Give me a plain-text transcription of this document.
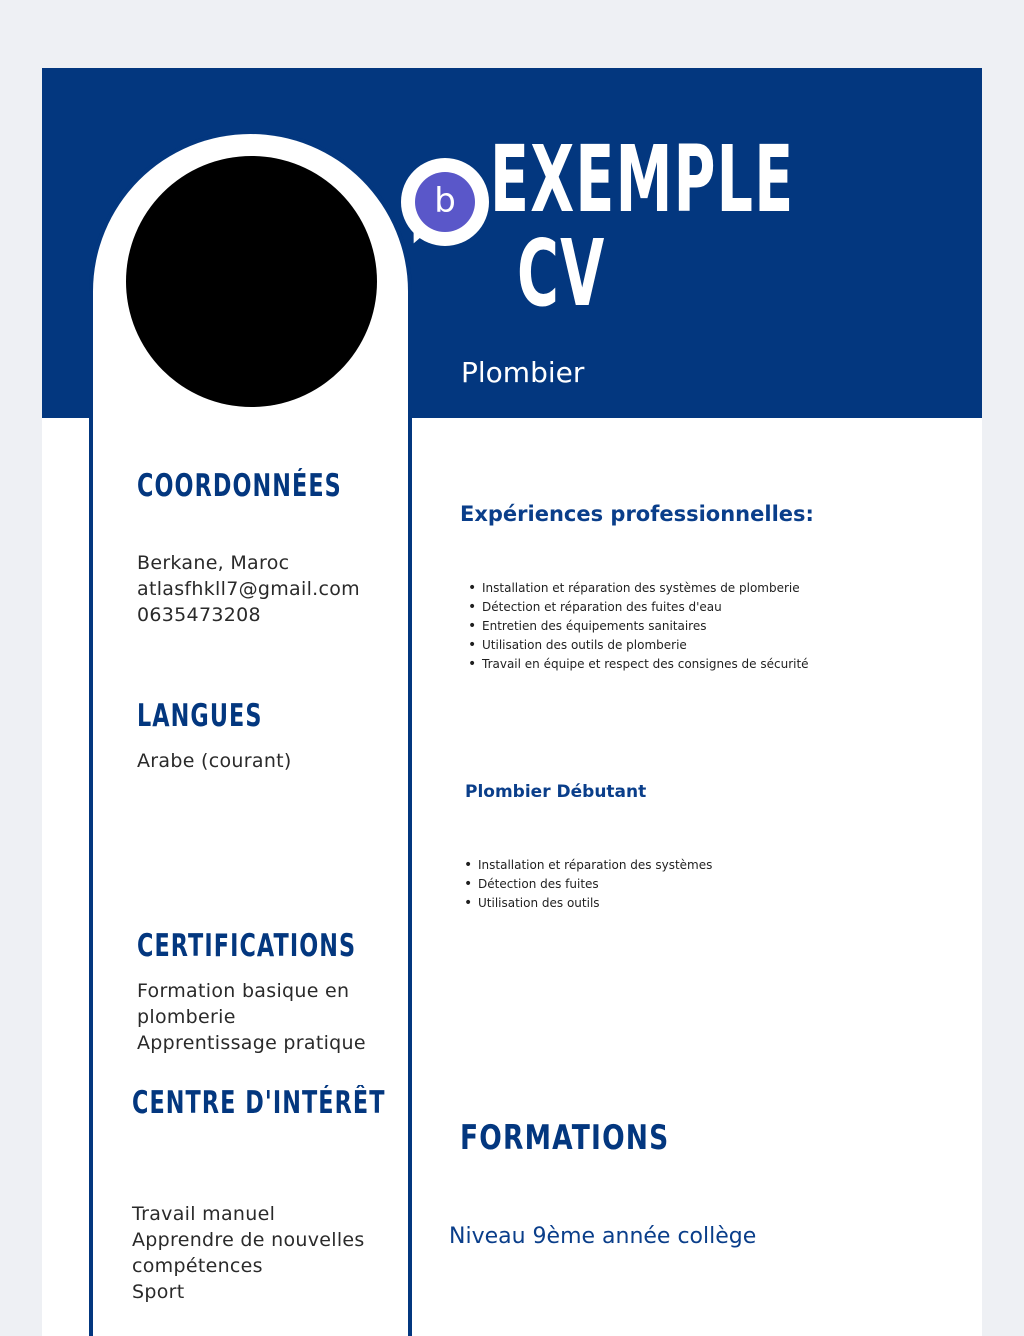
b EXEMPLE
CV

Plombier

COORDONNÉES
Berkane, Maroc
atlasfhkll7@gmail.com
0635473208
LANGUES
Arabe (courant)
CERTIFICATIONS
Formation basique en
plomberie
Apprentissage pratique
CENTRE D'INTÉRÊT
Travail manuel
Apprendre de nouvelles
compétences
Sport
Expériences professionnelles:
• Installation et réparation des systèmes de plomberie
• Détection et réparation des fuites d'eau
• Entretien des équipements sanitaires
• Utilisation des outils de plomberie
• Travail en équipe et respect des consignes de sécurité
Plombier Débutant
• Installation et réparation des systèmes
• Détection des fuites
• Utilisation des outils
FORMATIONS

Niveau 9ème année collège
